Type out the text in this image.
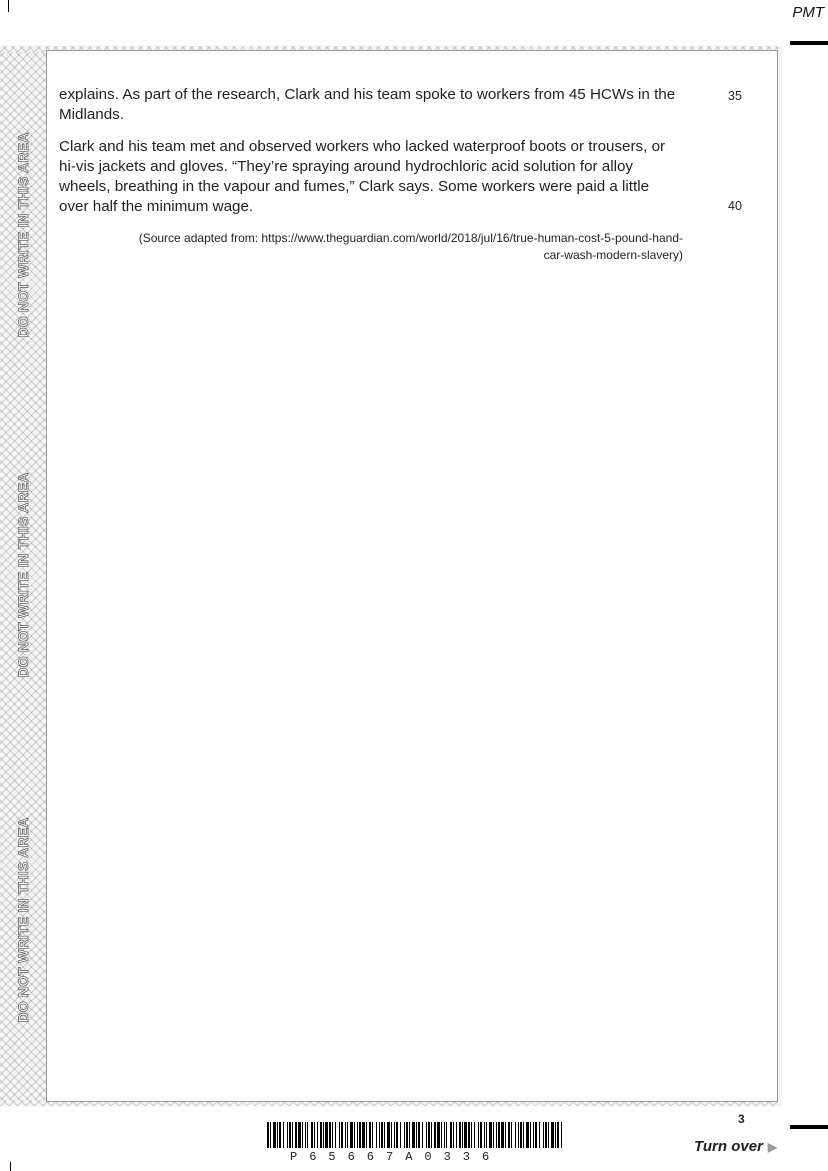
PMT
DO NOT WRITE IN THIS AREA
DO NOT WRITE IN THIS AREA
DO NOT WRITE IN THIS AREA

explains. As part of the research, Clark and his team spoke to workers from 45 HCWs in the Midlands.

Clark and his team met and observed workers who lacked waterproof boots or trousers, or hi-vis jackets and gloves. “They’re spraying around hydrochloric acid solution for alloy wheels, breathing in the vapour and fumes,” Clark says. Some workers were paid a little over half the minimum wage.

35
40
(Source adapted from: https://www.theguardian.com/world/2018/jul/16/true-human-cost-5-pound-hand-car-wash-modern-slavery)
3
P65667A0336
Turn over ▶
